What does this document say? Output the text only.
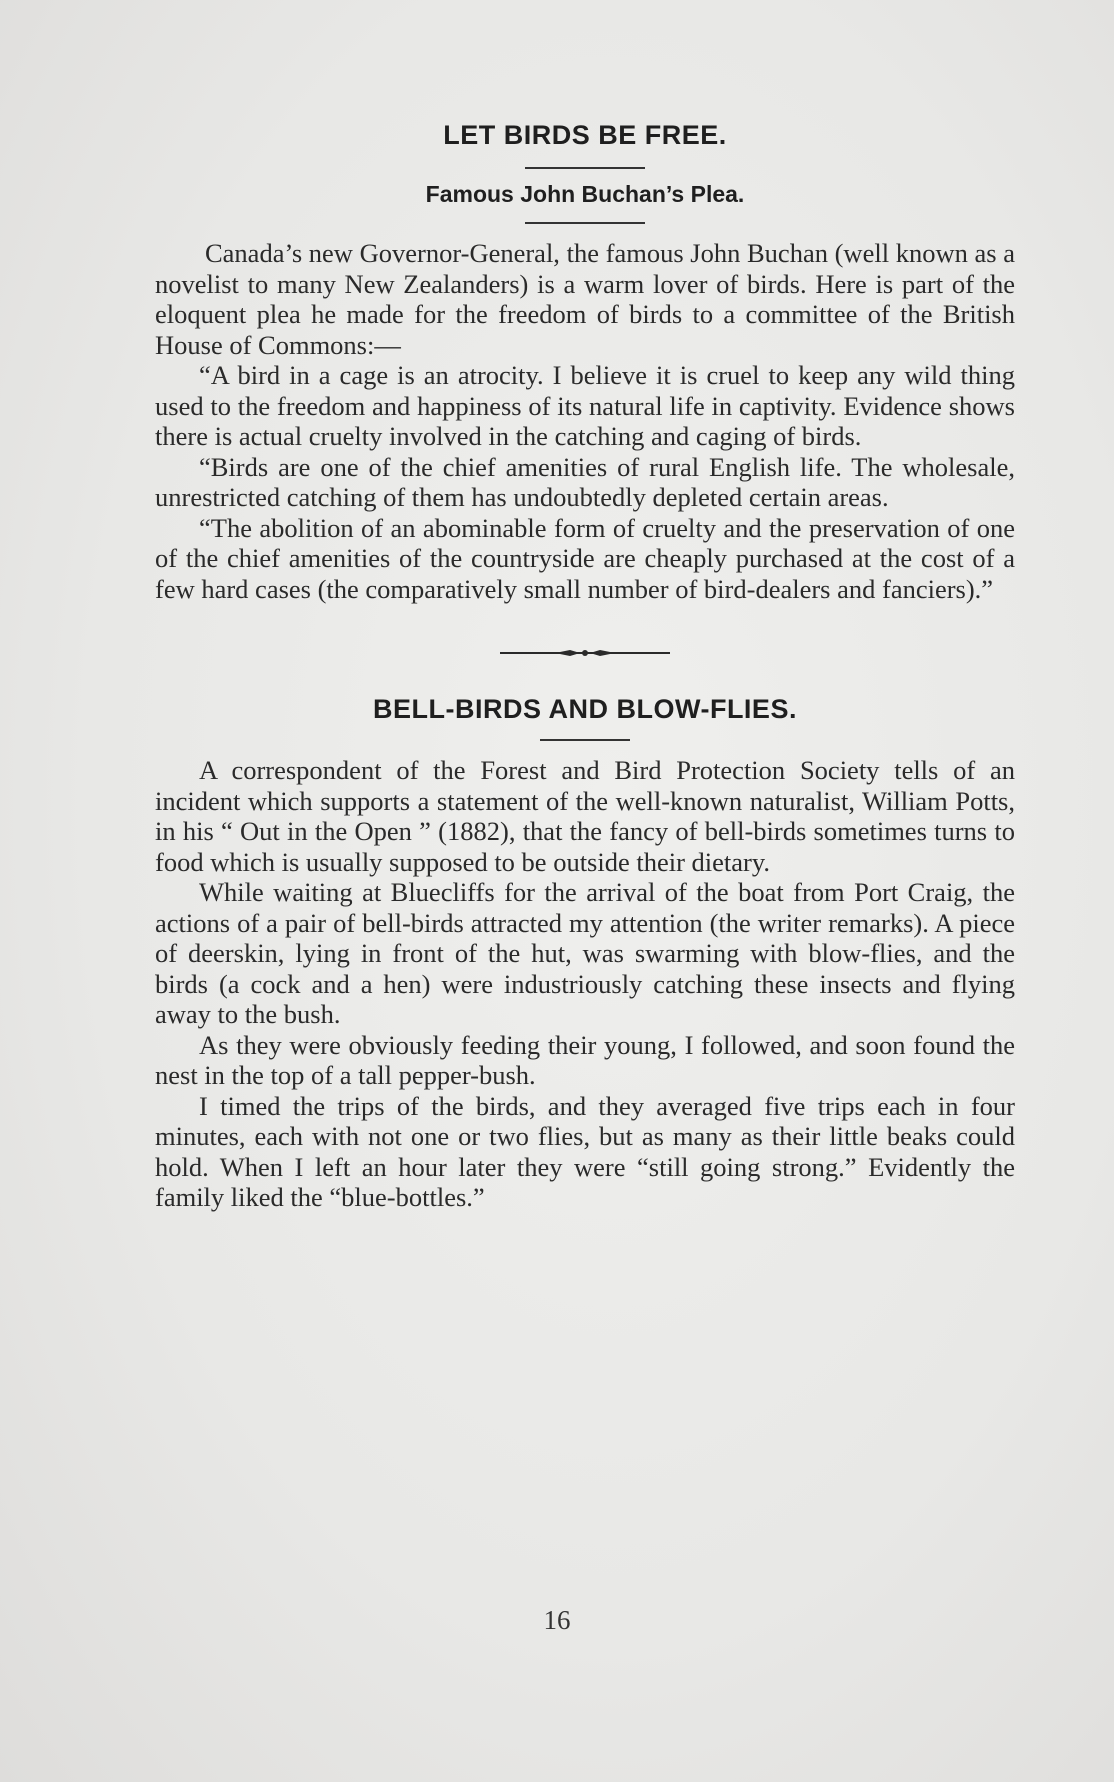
LET BIRDS BE FREE.
Famous John Buchan’s Plea.

Canada’s new Governor-General, the famous John Buchan (well known as a novelist to many New Zealanders) is a warm lover of birds. Here is part of the eloquent plea he made for the freedom of birds to a committee of the British House of Commons:—

“A bird in a cage is an atrocity. I believe it is cruel to keep any wild thing used to the freedom and happiness of its natural life in captivity. Evidence shows there is actual cruelty involved in the catching and caging of birds.

“Birds are one of the chief amenities of rural English life. The wholesale, unrestricted catching of them has undoubtedly depleted certain areas.

“The abolition of an abominable form of cruelty and the preservation of one of the chief amenities of the countryside are cheaply purchased at the cost of a few hard cases (the comparatively small number of bird-dealers and fanciers).”

BELL-BIRDS AND BLOW-FLIES.

A correspondent of the Forest and Bird Protection Society tells of an incident which supports a statement of the well-known naturalist, William Potts, in his “ Out in the Open ” (1882), that the fancy of bell-birds sometimes turns to food which is usually supposed to be outside their dietary.

While waiting at Bluecliffs for the arrival of the boat from Port Craig, the actions of a pair of bell-birds attracted my attention (the writer remarks). A piece of deerskin, lying in front of the hut, was swarming with blow-flies, and the birds (a cock and a hen) were industriously catching these insects and flying away to the bush.

As they were obviously feeding their young, I followed, and soon found the nest in the top of a tall pepper-bush.

I timed the trips of the birds, and they averaged five trips each in four minutes, each with not one or two flies, but as many as their little beaks could hold. When I left an hour later they were “still going strong.” Evidently the family liked the “blue-bottles.”

16
